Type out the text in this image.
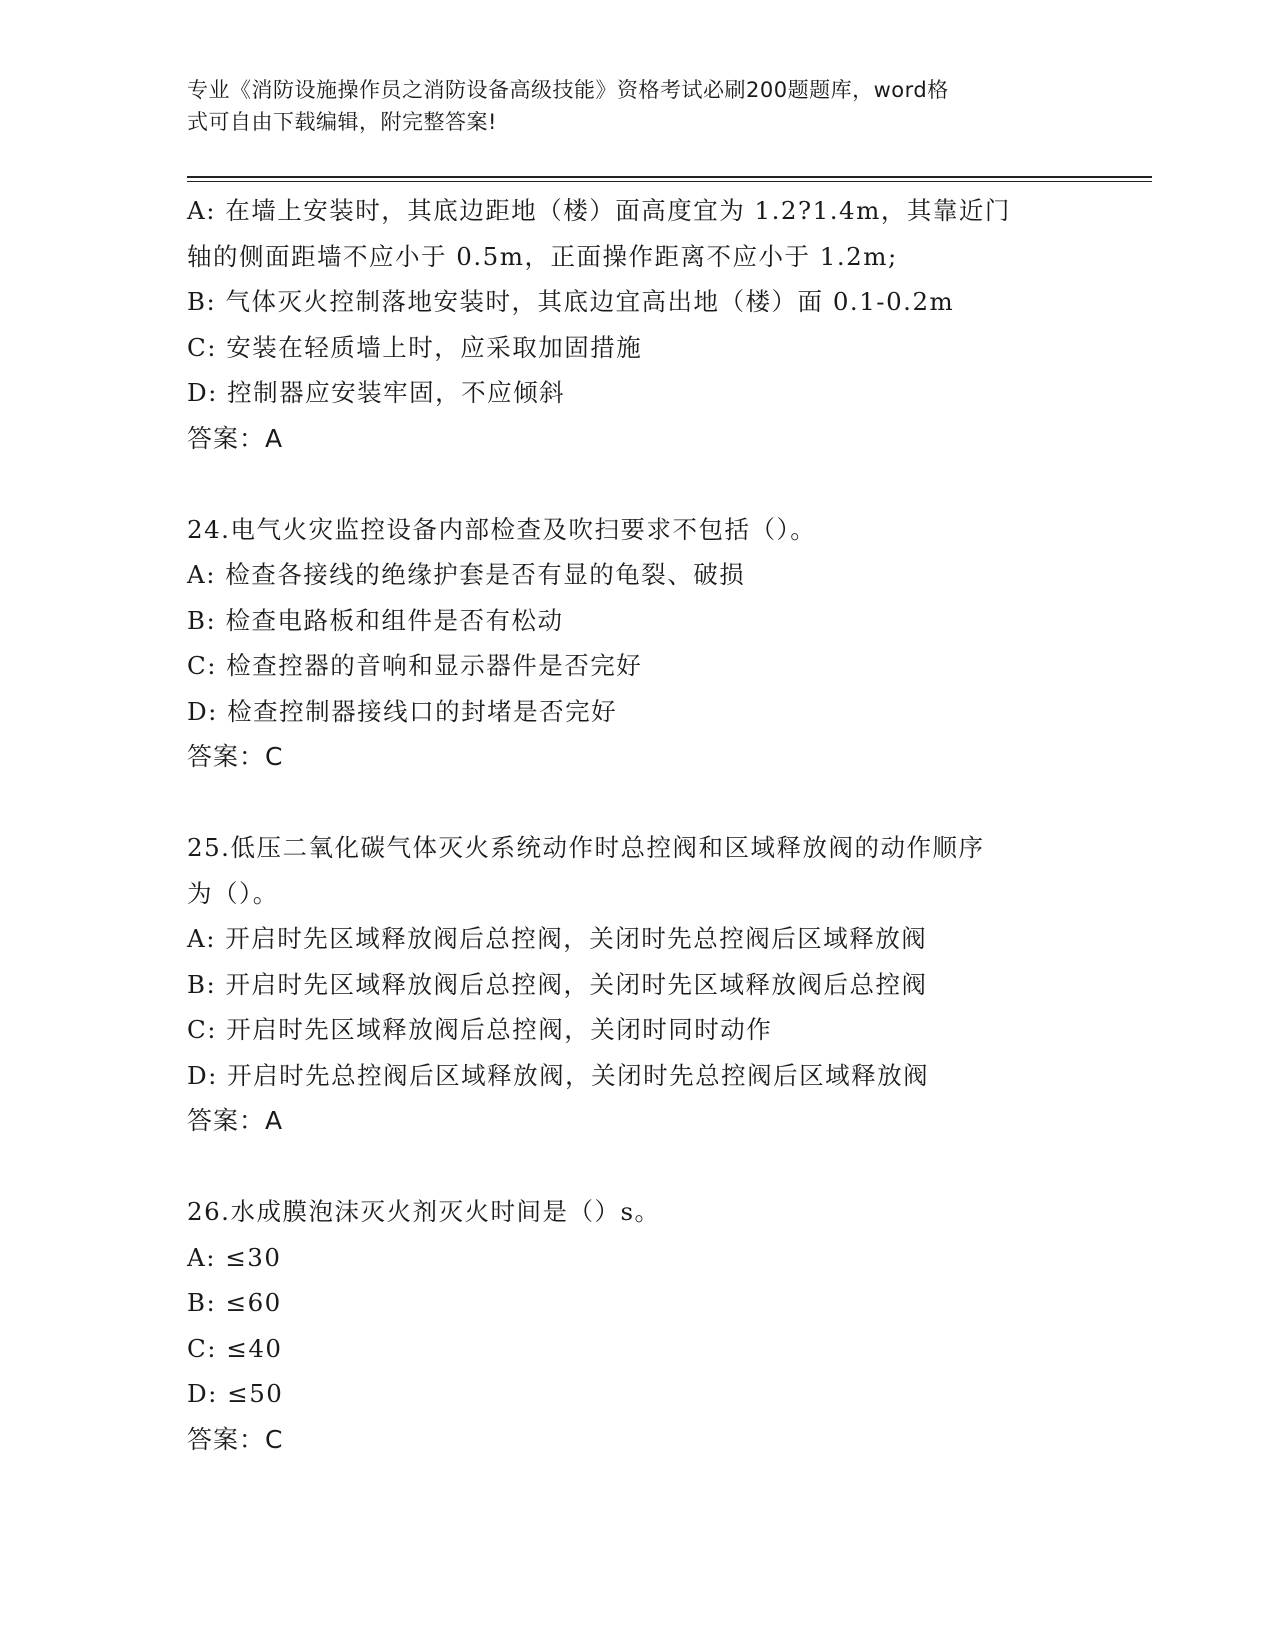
专业《消防设施操作员之消防设备高级技能》资格考试必刷200题题库，word格
式可自由下载编辑，附完整答案!
A: 在墙上安装时，其底边距地（楼）面高度宜为 1.2?1.4m，其靠近门
轴的侧面距墙不应小于 0.5m，正面操作距离不应小于 1.2m;
B: 气体灭火控制落地安装时，其底边宜高出地（楼）面 0.1-0.2m
C: 安装在轻质墙上时，应采取加固措施
D: 控制器应安装牢固，不应倾斜
答案：A
24.电气火灾监控设备内部检查及吹扫要求不包括（）。
A: 检查各接线的绝缘护套是否有显的龟裂、破损
B: 检查电路板和组件是否有松动
C: 检查控器的音响和显示器件是否完好
D: 检查控制器接线口的封堵是否完好
答案：C
25.低压二氧化碳气体灭火系统动作时总控阀和区域释放阀的动作顺序
为（）。
A: 开启时先区域释放阀后总控阀，关闭时先总控阀后区域释放阀
B: 开启时先区域释放阀后总控阀，关闭时先区域释放阀后总控阀
C: 开启时先区域释放阀后总控阀，关闭时同时动作
D: 开启时先总控阀后区域释放阀，关闭时先总控阀后区域释放阀
答案：A
26.水成膜泡沫灭火剂灭火时间是（）s。
A: ≤30
B: ≤60
C: ≤40
D: ≤50
答案：C
